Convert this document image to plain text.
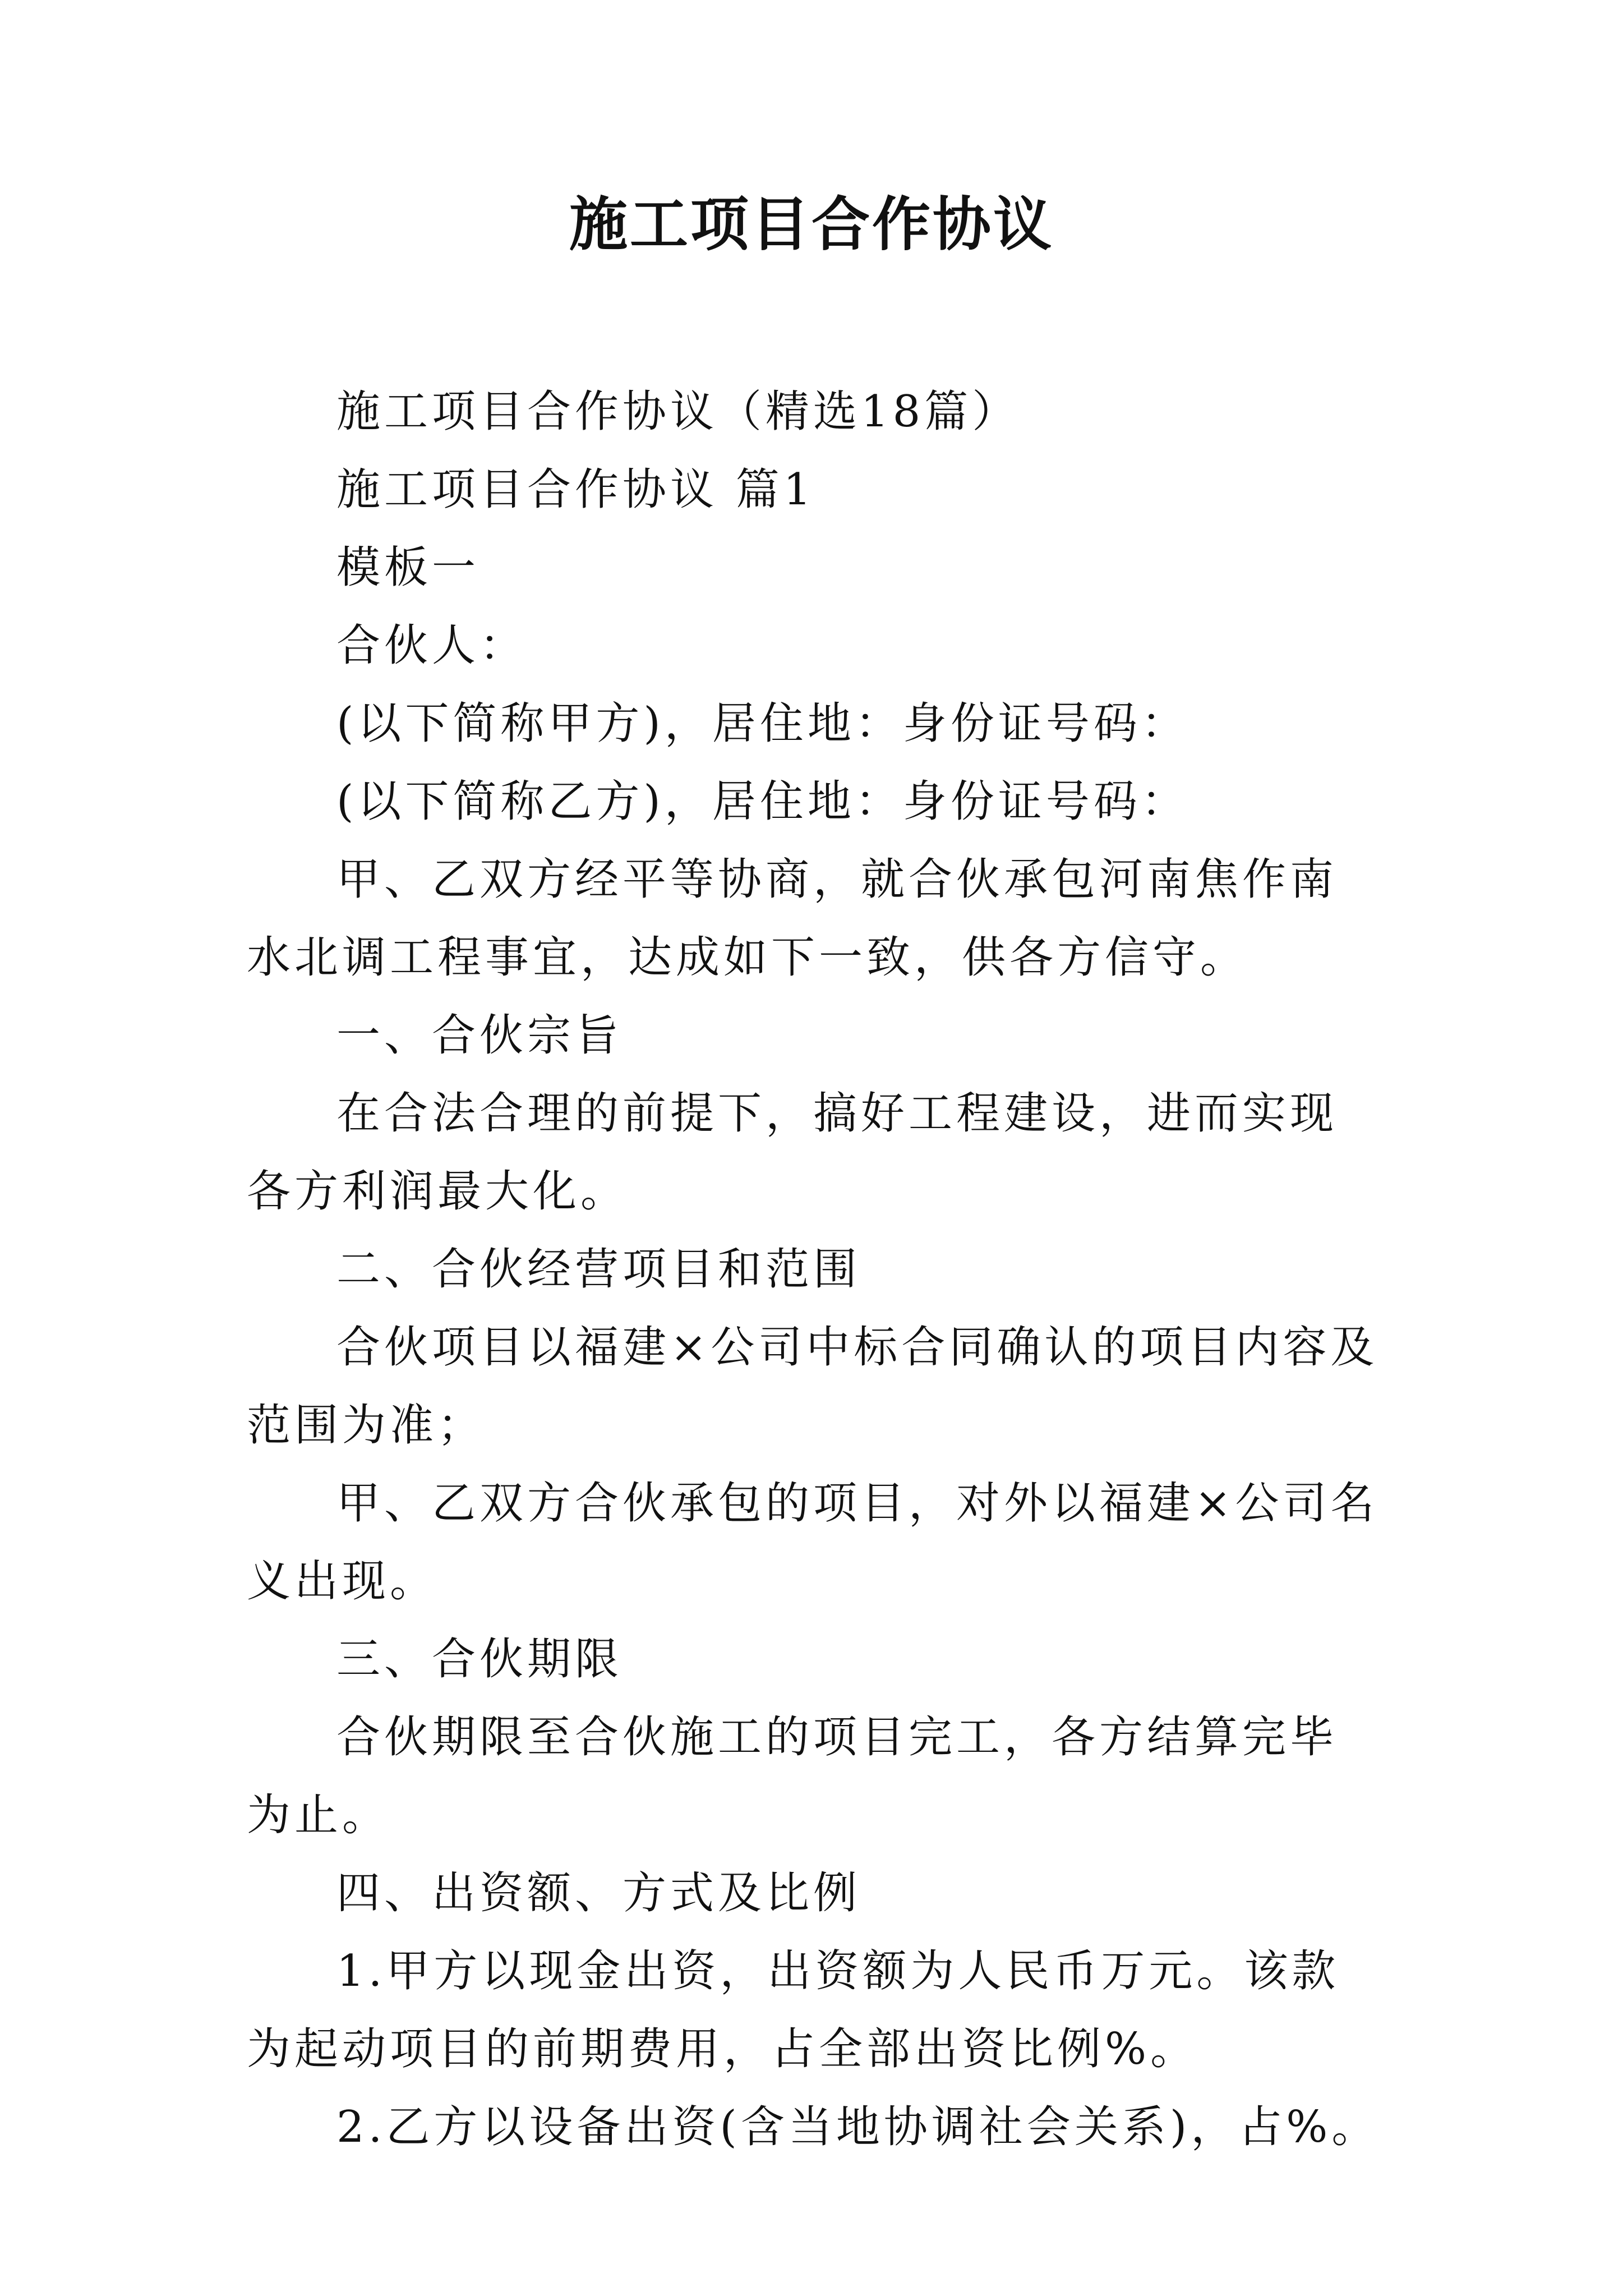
施工项目合作协议

施工项目合作协议（精选18篇）

施工项目合作协议 篇1

模板一

合伙人：

(以下简称甲方)，居住地：身份证号码：

(以下简称乙方)，居住地：身份证号码：

甲、乙双方经平等协商，就合伙承包河南焦作南水北调工程事宜，达成如下一致，供各方信守。

一、合伙宗旨

在合法合理的前提下，搞好工程建设，进而实现各方利润最大化。

二、合伙经营项目和范围

合伙项目以福建×公司中标合同确认的项目内容及范围为准；

甲、乙双方合伙承包的项目，对外以福建×公司名义出现。

三、合伙期限

合伙期限至合伙施工的项目完工，各方结算完毕为止。

四、出资额、方式及比例

1.甲方以现金出资，出资额为人民币万元。该款为起动项目的前期费用，占全部出资比例%。

2.乙方以设备出资(含当地协调社会关系)，占%。
